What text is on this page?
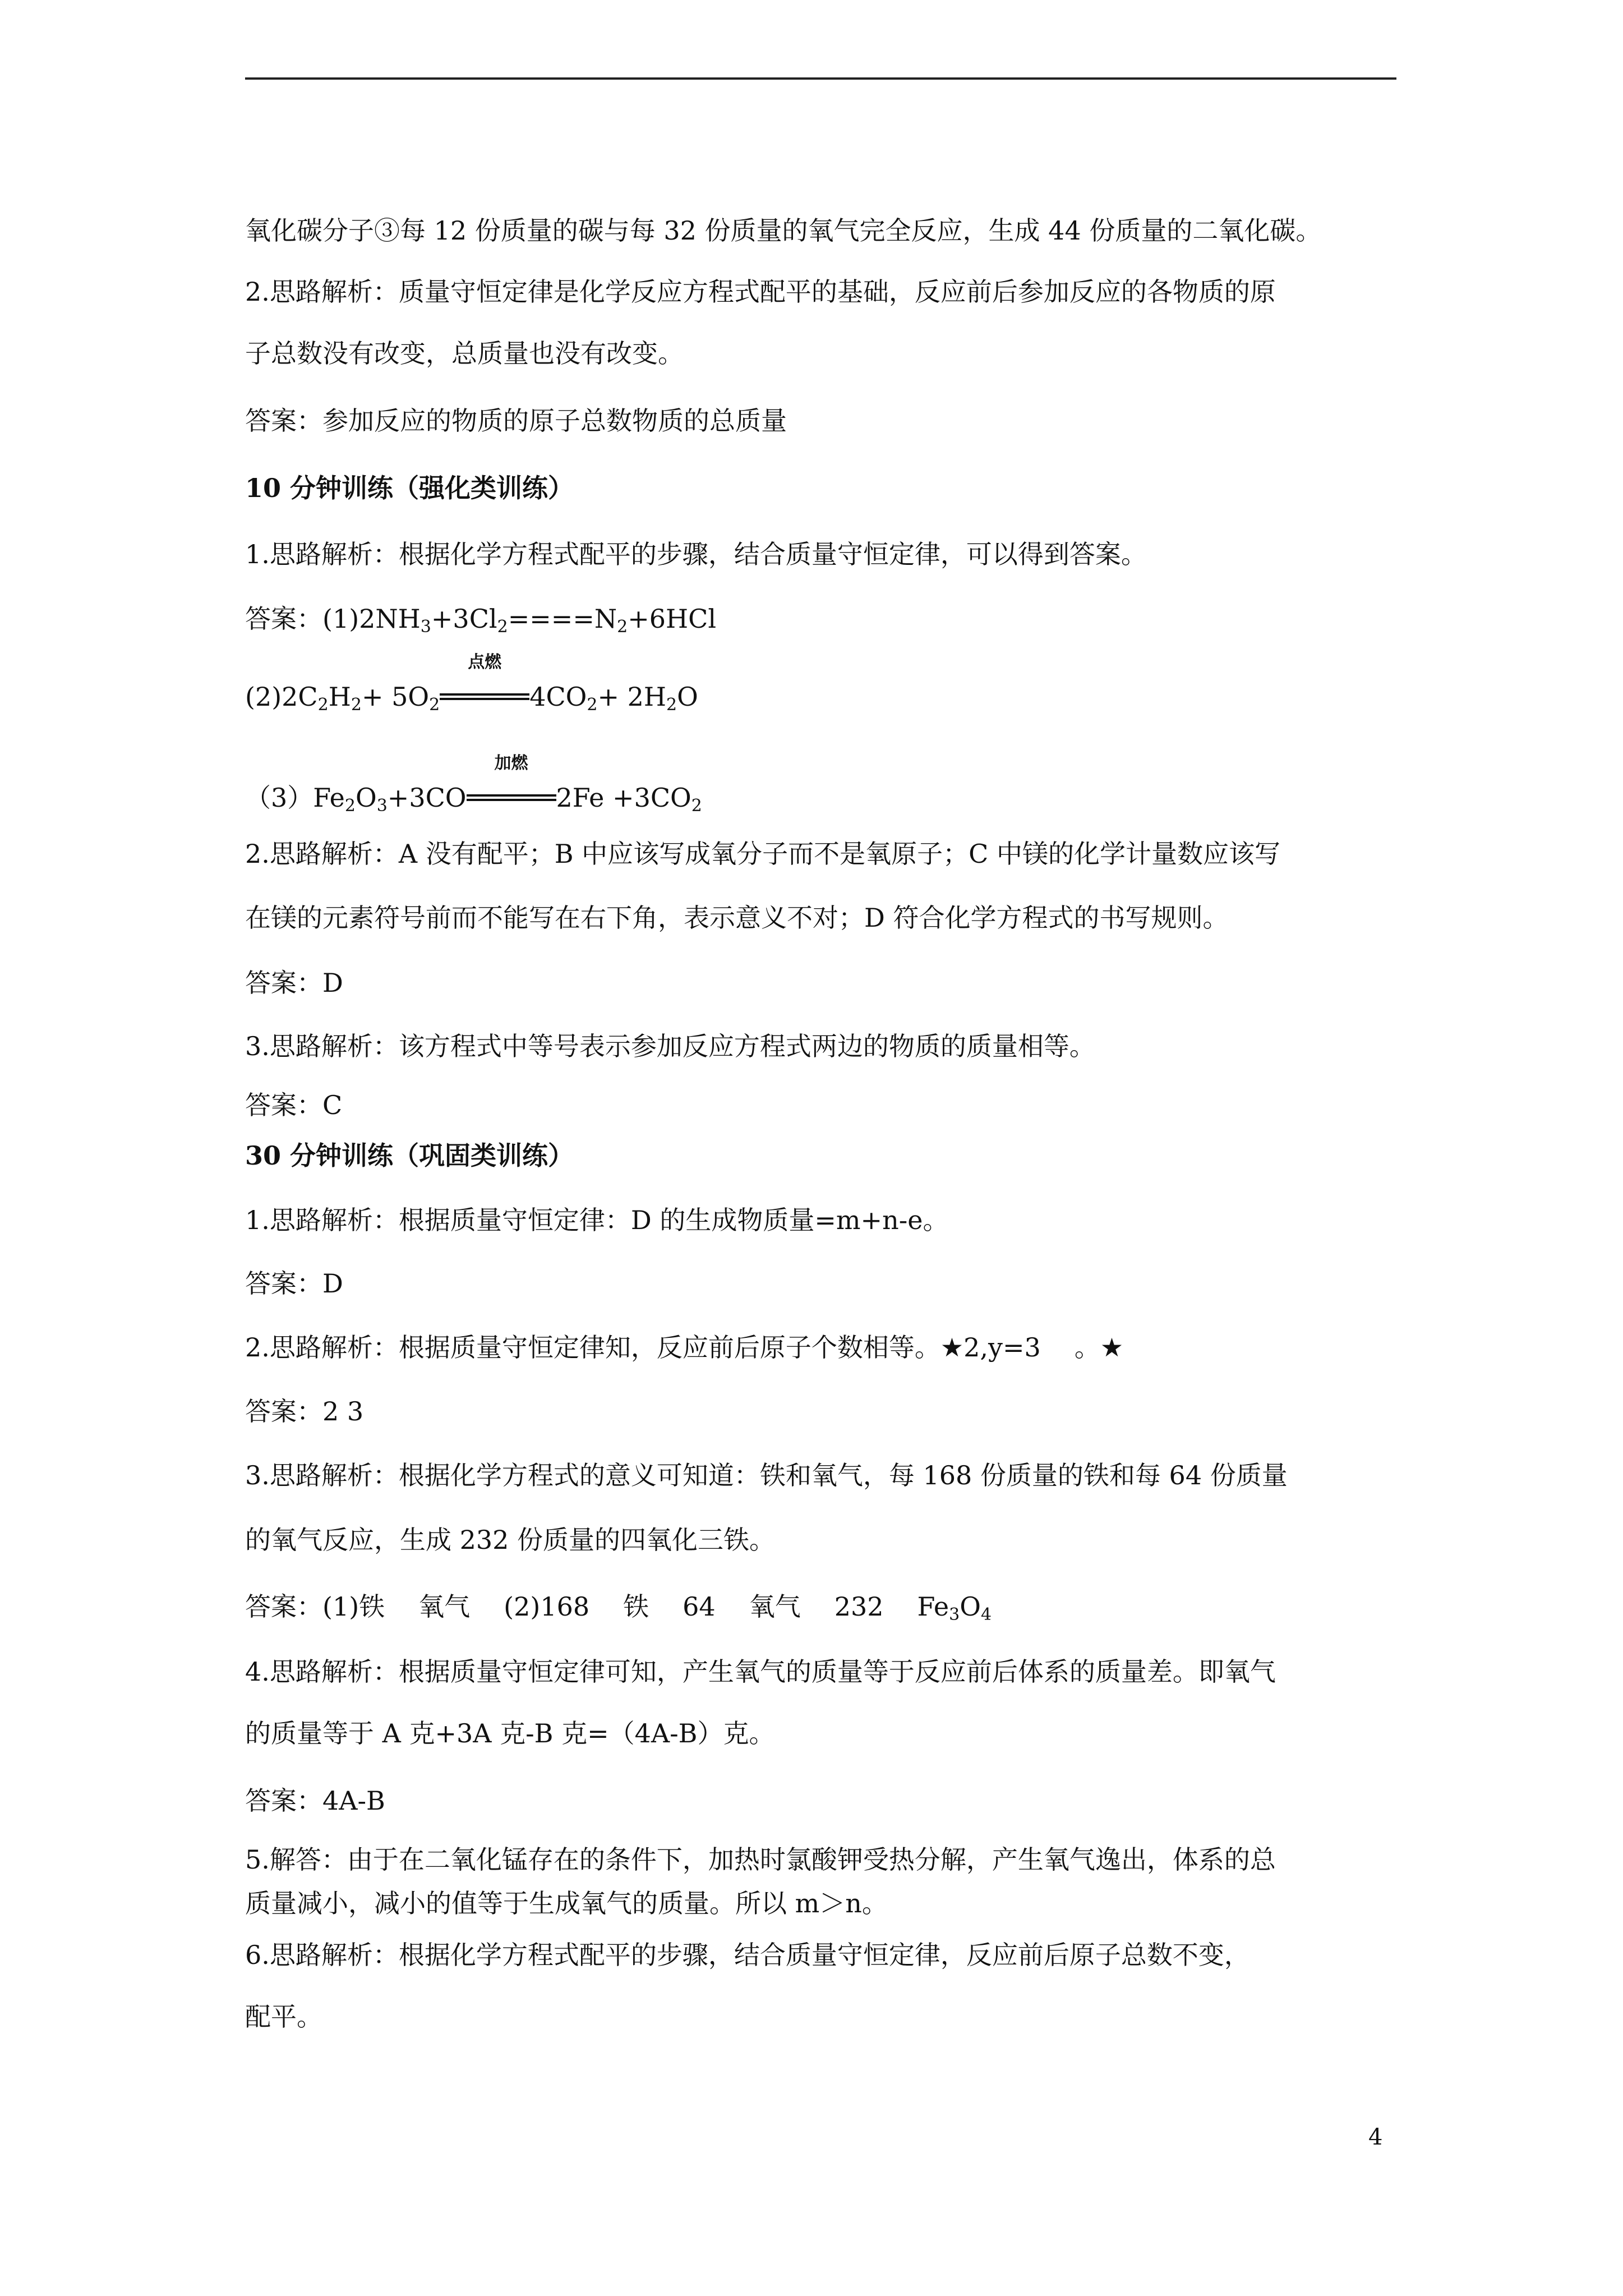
氧化碳分子③每 12 份质量的碳与每 32 份质量的氧气完全反应，生成 44 份质量的二氧化碳。
2.思路解析：质量守恒定律是化学反应方程式配平的基础，反应前后参加反应的各物质的原
子总数没有改变，总质量也没有改变。
答案：参加反应的物质的原子总数物质的总质量
10 分钟训练（强化类训练）
1.思路解析：根据化学方程式配平的步骤，结合质量守恒定律，可以得到答案。
答案：$(1)2NH_3+3Cl_2====N_2+6HCl$
$(2)2C_2H_2+ 5O_2$
点燃
$4CO_2+ 2H_2O$
$(3)Fe_2O_3+3CO$
加燃
$2Fe +3CO_2$
2.思路解析：A 没有配平；B 中应该写成氧分子而不是氧原子；C 中镁的化学计量数应该写
在镁的元素符号前而不能写在右下角，表示意义不对；D 符合化学方程式的书写规则。
答案：D
3.思路解析：该方程式中等号表示参加反应方程式两边的物质的质量相等。
答案：C
30 分钟训练（巩固类训练）
1.思路解析：根据质量守恒定律：D 的生成物质量=m+n-e。
答案：D
2.思路解析：根据质量守恒定律知，反应前后原子个数相等。★2,y=3 。★
答案：2 3
3.思路解析：根据化学方程式的意义可知道：铁和氧气，每 168 份质量的铁和每 64 份质量
的氧气反应，生成 232 份质量的四氧化三铁。
答案：(1)铁 氧气 (2)168 铁 64 氧气 232 $Fe_3O_4$
4.思路解析：根据质量守恒定律可知，产生氧气的质量等于反应前后体系的质量差。即氧气
的质量等于 A 克+3A 克-B 克=（4A-B）克。
答案：4A-B
5.解答：由于在二氧化锰存在的条件下，加热时氯酸钾受热分解，产生氧气逸出，体系的总
质量减小，减小的值等于生成氧气的质量。所以 m＞n。
6.思路解析：根据化学方程式配平的步骤，结合质量守恒定律，反应前后原子总数不变，
配平。
4
